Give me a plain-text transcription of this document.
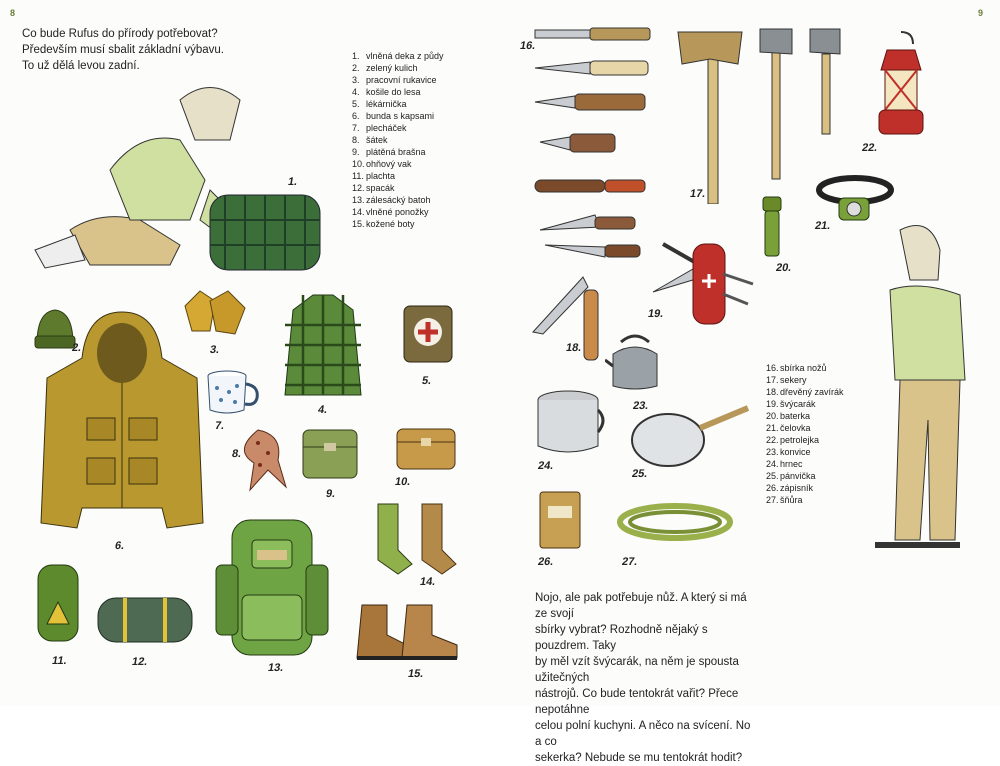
8
Co bude Rufus do přírody potřebovat?
Především musí sbalit základní výbavu.
To už dělá levou zadní.
1. vlněná deka z půdy
2. zelený kulich
3. pracovní rukavice
4. košile do lesa
5. lékárnička
6. bunda s kapsami
7. plecháček
8. šátek
9. plátěná brašna
10. ohňový vak
11. plachta
12. spacák
13. zálesácký batoh
14. vlněné ponožky
15. kožené boty
1.
2.	3.
4.
5.
6.
7.
8.
9.
10.
11.	12.	13.
14.
15.
9
16.
17.
18.
19.
20.
21.
22.
23.
24.
25.
26.	27.
16. sbírka nožů
17. sekery
18. dřevěný zavírák
19. švýcarák
20. baterka
21. čelovka
22. petrolejka
23. konvice
24. hrnec
25. pánvička
26. zápisník
27. šňůra
Nojo, ale pak potřebuje nůž. A který si má ze svojí
sbírky vybrat? Rozhodně nějaký s pouzdrem. Taky
by měl vzít švýcarák, na něm je spousta užitečných
nástrojů. Co bude tentokrát vařit? Přece nepotáhne
celou polní kuchyni. A něco na svícení. No a co
sekerka? Nebude se mu tentokrát hodit?
